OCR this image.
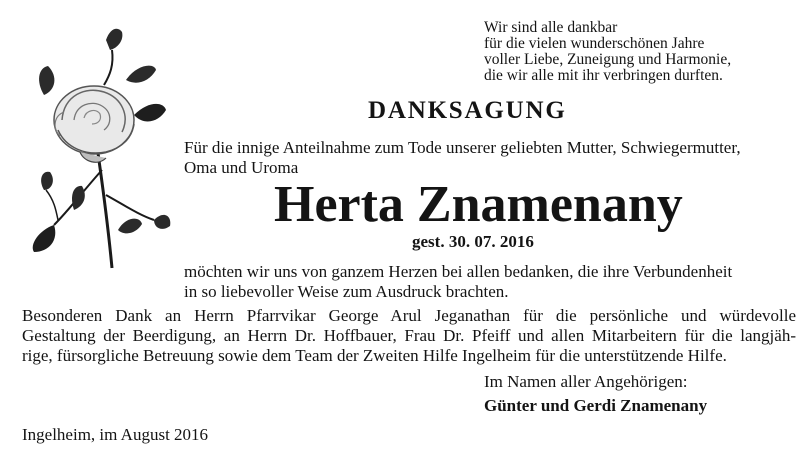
Wir sind alle dankbar
für die vielen wunderschönen Jahre
voller Liebe, Zuneigung und Harmonie,
die wir alle mit ihr verbringen durften.
DANKSAGUNG
Für die innige Anteilnahme zum Tode unserer geliebten Mutter, Schwiegermutter,
Oma und Uroma
Herta Znamenany
gest. 30. 07. 2016
möchten wir uns von ganzem Herzen bei allen bedanken, die ihre Verbundenheit
in so liebevoller Weise zum Ausdruck brachten.
Besonderen Dank an Herrn Pfarrvikar George Arul Jeganathan für die persönliche und würdevolle
Gestaltung der Beerdigung, an Herrn Dr. Hoffbauer, Frau Dr. Pfeiff und allen Mitarbeitern für die langjäh-
rige, fürsorgliche Betreuung sowie dem Team der Zweiten Hilfe Ingelheim für die unterstützende Hilfe.
Im Namen aller Angehörigen:
Günter und Gerdi Znamenany
Ingelheim, im August 2016
